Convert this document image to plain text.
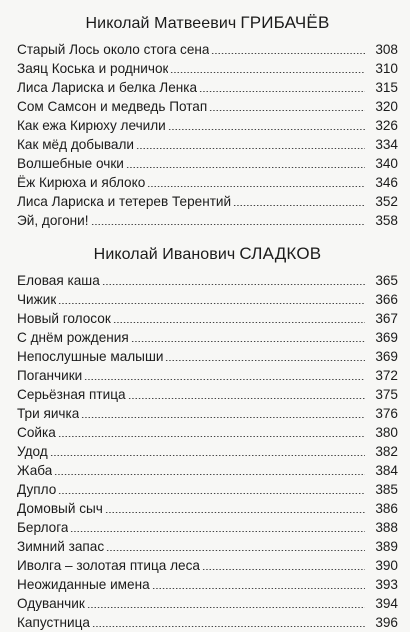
Николай Матвеевич ГРИБАЧЁВ
Старый Лось около стога сена	308
Заяц Коська и родничок	310
Лиса Лариска и белка Ленка	315
Сом Самсон и медведь Потап	320
Как ежа Кирюху лечили	326
Как мёд добывали	334
Волшебные очки	340
Ёж Кирюха и яблоко	346
Лиса Лариска и тетерев Терентий	352
Эй, догони!	358
Николай Иванович СЛАДКОВ
Еловая каша	365
Чижик	366
Новый голосок	367
С днём рождения	369
Непослушные малыши	369
Поганчики	372
Серьёзная птица	375
Три яичка	376
Сойка	380
Удод	382
Жаба	384
Дупло	385
Домовый сыч	386
Берлога	388
Зимний запас	389
Иволга – золотая птица леса	390
Неожиданные имена	393
Одуванчик	394
Капустница	396
